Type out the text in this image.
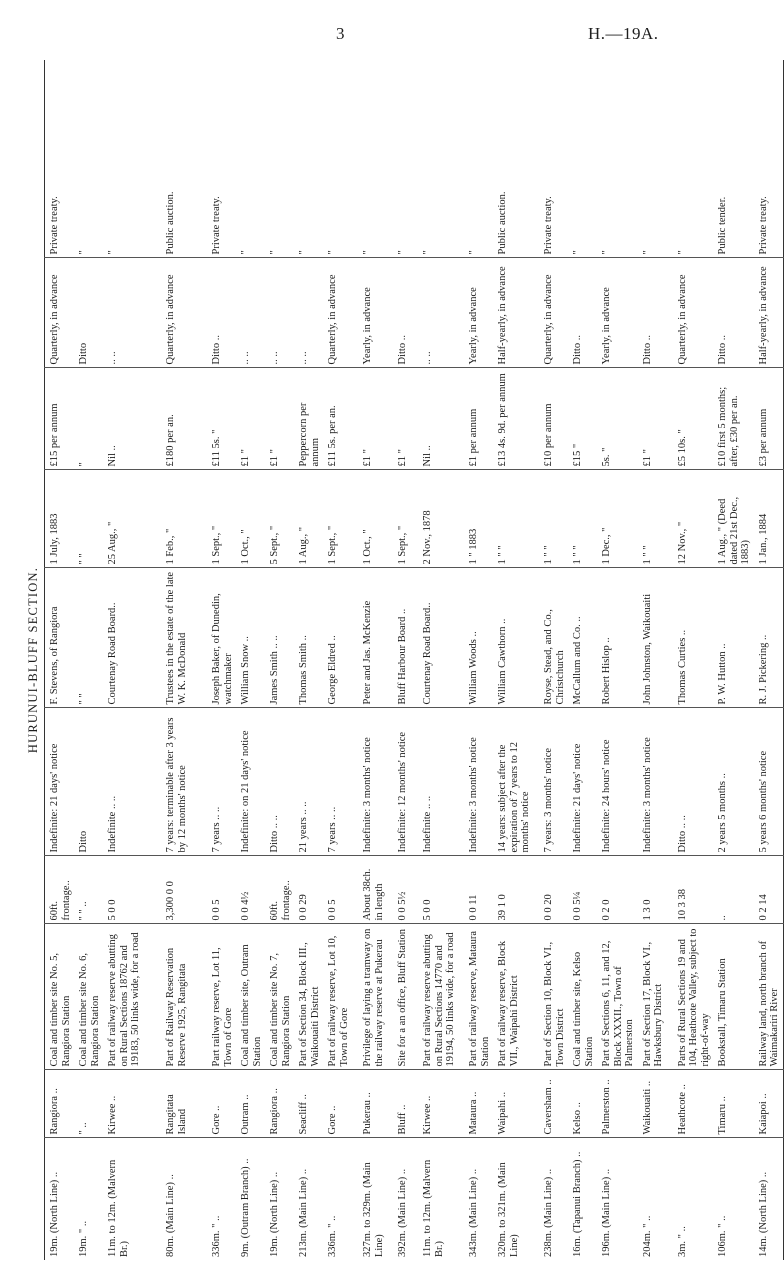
3	H.—19A.
HURUNUI-BLUFF SECTION.
19m. (North Line) ..	Rangiora ..	Coal and timber site No. 5, Rangiora Station	60ft. frontage..	Indefinite: 21 days' notice	F. Stevens, of Rangiora	1 July, 1883	£15 per annum	Quarterly, in advance	Private treaty.
19m. " ..	" ..	Coal and timber site No. 6, Rangiora Station	" " ..	Ditto	" "	" "	"	Ditto	"
11m. to 12m. (Malvern Br.)	Kirwee ..	Part of railway reserve abutting on Rural Sections 18762 and 19183, 50 links wide, for a road	5 0 0	Indefinite .. ..	Courtenay Road Board..	25 Aug., "	Nil ..	.. ..	"
80m. (Main Line) ..	Rangitata Island	Part of Railway Reservation Reserve 1925, Rangitata	3,300 0 0	7 years: terminable after 3 years by 12 months' notice	Trustees in the estate of the late W. K. McDonald	1 Feb., "	£180 per an.	Quarterly, in advance	Public auction.
336m. " ..	Gore ..	Part railway reserve, Lot 11, Town of Gore	0 0 5	7 years .. ..	Joseph Baker, of Dunedin, watchmaker	1 Sept., "	£11 5s. "	Ditto ..	Private treaty.
9m. (Outram Branch) ..	Outram ..	Coal and timber site, Outram Station	0 0 4½	Indefinite: on 21 days' notice	William Snow ..	1 Oct., "	£1 "	.. ..	"
19m. (North Line) ..	Rangiora ..	Coal and timber site No. 7, Rangiora Station	60ft. frontage..	Ditto .. ..	James Smith .. ..	5 Sept., "	£1 "	.. ..	"
213m. (Main Line) ..	Seacliff ..	Part of Section 34, Block III., Waikouaiti District	0 0 29	21 years .. ..	Thomas Smith ..	1 Aug., "	Peppercorn per annum	.. ..	"
336m. " ..	Gore ..	Part of railway reserve, Lot 10, Town of Gore	0 0 5	7 years .. ..	George Eldred ..	1 Sept., "	£11 5s. per an.	Quarterly, in advance	"
327m. to 329m. (Main Line)	Pukerau ..	Privilege of laying a tramway on the railway reserve at Pukerau	About 38ch. in length	Indefinite: 3 months' notice	Peter and Jas. McKenzie	1 Oct., "	£1 "	Yearly, in advance	"
392m. (Main Line) ..	Bluff ..	Site for a an office, Bluff Station	0 0 5½	Indefinite: 12 months' notice	Bluff Harbour Board ..	1 Sept., "	£1 "	Ditto ..	"
11m. to 12m. (Malvern Br.)	Kirwee ..	Part of railway reserve abutting on Rural Sections 14770 and 19194, 50 links wide, for a road	5 0 0	Indefinite .. ..	Courtenay Road Board..	2 Nov., 1878	Nil ..	.. ..	"
343m. (Main Line) ..	Mataura ..	Part of railway reserve, Mataura Station	0 0 11	Indefinite: 3 months' notice	William Woods ..	1 " 1883	£1 per annum	Yearly, in advance	"
320m. to 321m. (Main Line)	Waipahi ..	Part of railway reserve, Block VII., Waipahi District	39 1 0	14 years: subject after the expiration of 7 years to 12 months' notice	William Cawthorn ..	1 " "	£13 4s. 9d. per annum	Half-yearly, in advance	Public auction.
238m. (Main Line) ..	Caversham ..	Part of Section 10, Block VI., Town District	0 0 20	7 years: 3 months' notice	Royse, Stead, and Co., Christchurch	1 " "	£10 per annum	Quarterly, in advance	Private treaty.
16m. (Tapanui Branch) ..	Kelso ..	Coal and timber site, Kelso Station	0 0 5¼	Indefinite: 21 days' notice	McCallum and Co. ..	1 " "	£15 "	Ditto ..	"
196m. (Main Line) ..	Palmerston ..	Part of Sections 6, 11, and 12, Block XXXII., Town of Palmerston	0 2 0	Indefinite: 24 hours' notice	Robert Hislop ..	1 Dec., "	5s. "	Yearly, in advance	"
204m. " ..	Waikouaiti ..	Part of Section 17, Block VI., Hawksbury District	1 3 0	Indefinite: 3 months' notice	John Johnston, Waikouaiti	1 " "	£1 "	Ditto ..	"
3m. " ..	Heathcote ..	Parts of Rural Sections 19 and 104, Heathcote Valley, subject to right-of-way	10 3 38	Ditto .. ..	Thomas Curties ..	12 Nov., "	£5 10s. "	Quarterly, in advance	"
106m. " ..	Timaru ..	Bookstall, Timaru Station	..	2 years 5 months ..	P. W. Hutton ..	1 Aug., " (Deed dated 21st Dec., 1883)	£10 first 5 months; after, £30 per an.	Ditto ..	Public tender.
14m. (North Line) ..	Kaiapoi ..	Railway land, north branch of Waimakariri River	0 2 14	5 years 6 months' notice	R. J. Pickering ..	1 Jan., 1884	£3 per annum	Half-yearly, in advance	Private treaty.
